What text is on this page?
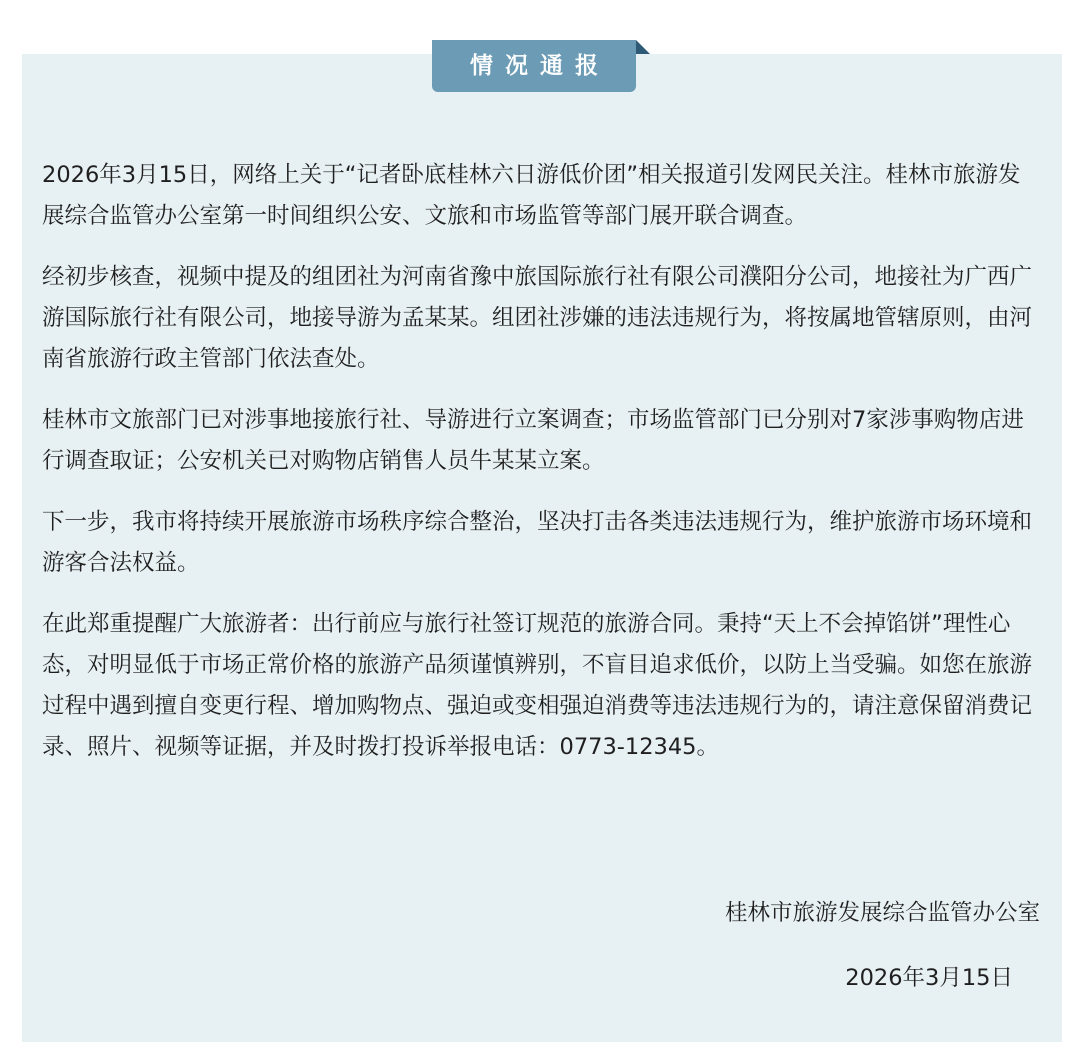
情况通报

2026年3月15日，网络上关于“记者卧底桂林六日游低价团”相关报道引发网民关注。桂林市旅游发展综合监管办公室第一时间组织公安、文旅和市场监管等部门展开联合调查。

经初步核查，视频中提及的组团社为河南省豫中旅国际旅行社有限公司濮阳分公司，地接社为广西广游国际旅行社有限公司，地接导游为孟某某。组团社涉嫌的违法违规行为，将按属地管辖原则，由河南省旅游行政主管部门依法查处。

桂林市文旅部门已对涉事地接旅行社、导游进行立案调查；市场监管部门已分别对7家涉事购物店进行调查取证；公安机关已对购物店销售人员牛某某立案。

下一步，我市将持续开展旅游市场秩序综合整治，坚决打击各类违法违规行为，维护旅游市场环境和游客合法权益。

在此郑重提醒广大旅游者：出行前应与旅行社签订规范的旅游合同。秉持“天上不会掉馅饼”理性心态，对明显低于市场正常价格的旅游产品须谨慎辨别，不盲目追求低价，以防上当受骗。如您在旅游过程中遇到擅自变更行程、增加购物点、强迫或变相强迫消费等违法违规行为的，请注意保留消费记录、照片、视频等证据，并及时拨打投诉举报电话：0773-12345。

桂林市旅游发展综合监管办公室
2026年3月15日
